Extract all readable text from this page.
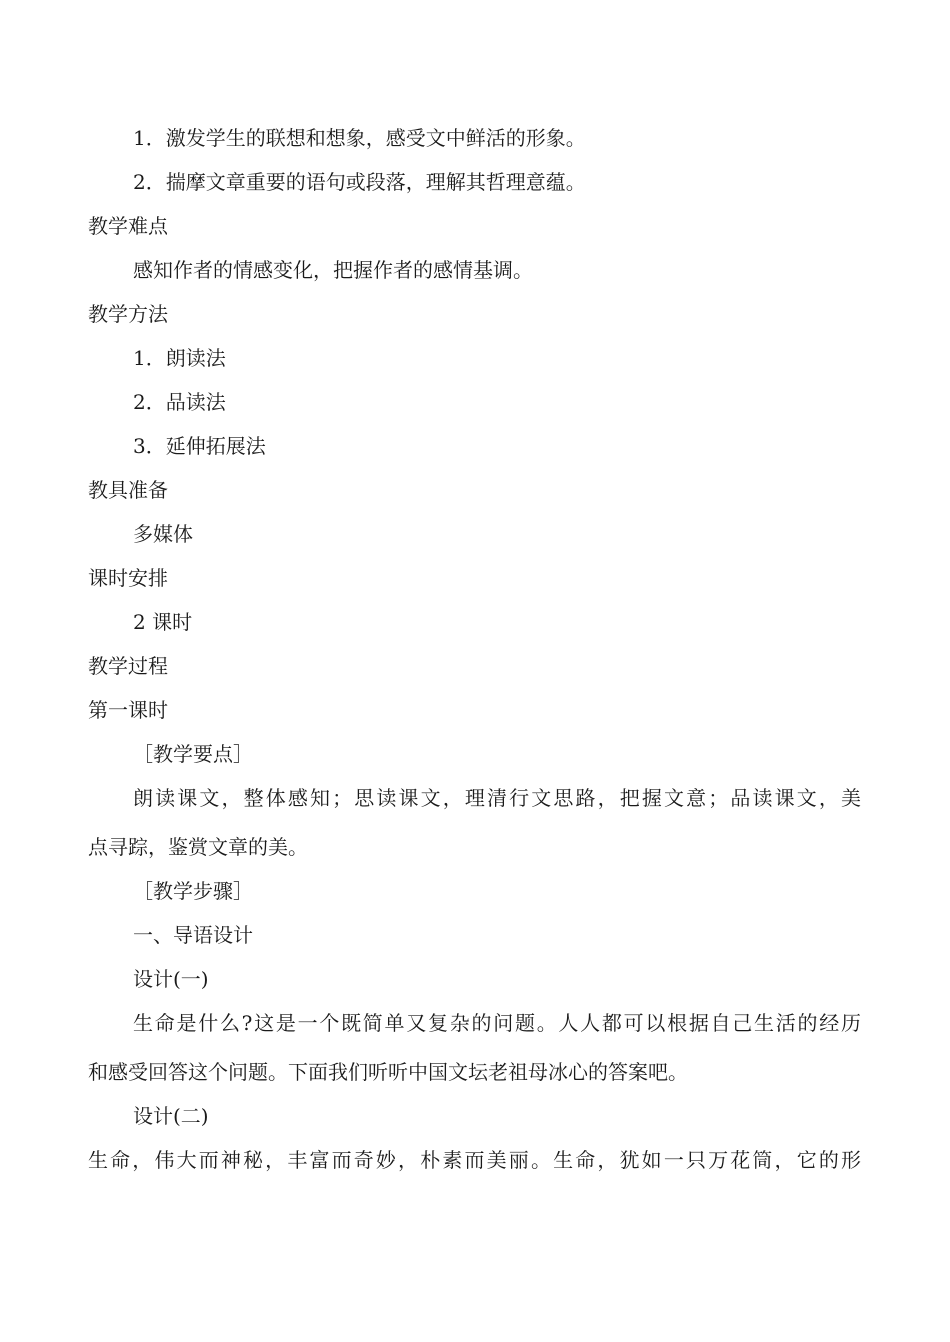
1．激发学生的联想和想象，感受文中鲜活的形象。
2．揣摩文章重要的语句或段落，理解其哲理意蕴。
教学难点
感知作者的情感变化，把握作者的感情基调。
教学方法
1．朗读法
2．品读法
3．延伸拓展法
教具准备
多媒体
课时安排
2 课时
教学过程
第一课时
［教学要点］
朗读课文，整体感知；思读课文，理清行文思路，把握文意；品读课文，美
点寻踪，鉴赏文章的美。
［教学步骤］
一、导语设计
设计(一)
生命是什么?这是一个既简单又复杂的问题。人人都可以根据自己生活的经历
和感受回答这个问题。下面我们听听中国文坛老祖母冰心的答案吧。
设计(二)
生命，伟大而神秘，丰富而奇妙，朴素而美丽。生命，犹如一只万花筒，它的形
